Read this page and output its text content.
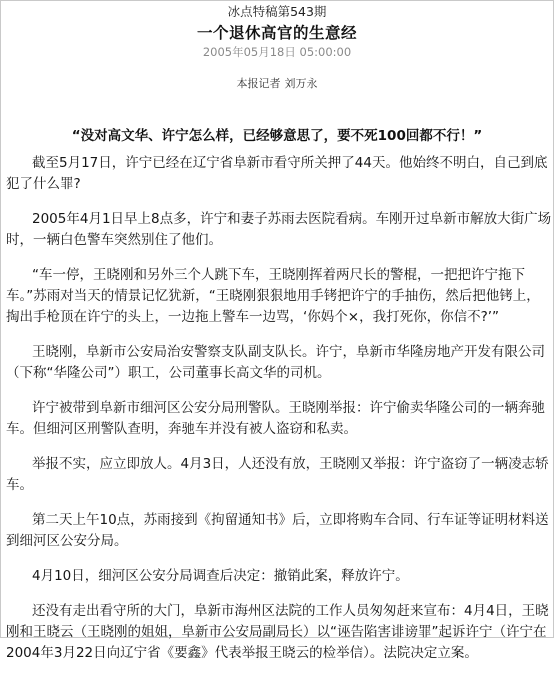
冰点特稿第543期
一个退休高官的生意经
2005年05月18日 05:00:00
本报记者 刘万永
“没对高文华、许宁怎么样，已经够意思了，要不死100回都不行！”

截至5月17日，许宁已经在辽宁省阜新市看守所关押了44天。他始终不明白，自己到底犯了什么罪?

2005年4月1日早上8点多，许宁和妻子苏雨去医院看病。车刚开过阜新市解放大街广场时，一辆白色警车突然别住了他们。

“车一停，王晓刚和另外三个人跳下车，王晓刚挥着两尺长的警棍，一把把许宁拖下车。”苏雨对当天的情景记忆犹新，“王晓刚狠狠地用手铐把许宁的手抽伤，然后把他铐上，掏出手枪顶在许宁的头上，一边拖上警车一边骂，‘你妈个×，我打死你，你信不?’”

王晓刚，阜新市公安局治安警察支队副支队长。许宁，阜新市华隆房地产开发有限公司（下称“华隆公司”）职工，公司董事长高文华的司机。

许宁被带到阜新市细河区公安分局刑警队。王晓刚举报：许宁偷卖华隆公司的一辆奔驰车。但细河区刑警队查明，奔驰车并没有被人盗窃和私卖。

举报不实，应立即放人。4月3日，人还没有放，王晓刚又举报：许宁盗窃了一辆凌志轿车。

第二天上午10点，苏雨接到《拘留通知书》后，立即将购车合同、行车证等证明材料送到细河区公安分局。

4月10日，细河区公安分局调查后决定：撤销此案，释放许宁。

还没有走出看守所的大门，阜新市海州区法院的工作人员匆匆赶来宣布：4月4日，王晓刚和王晓云（王晓刚的姐姐，阜新市公安局副局长）以“诬告陷害诽谤罪”起诉许宁（许宁在2004年3月22日向辽宁省《要鑫》代表举报王晓云的检举信）。法院决定立案。
